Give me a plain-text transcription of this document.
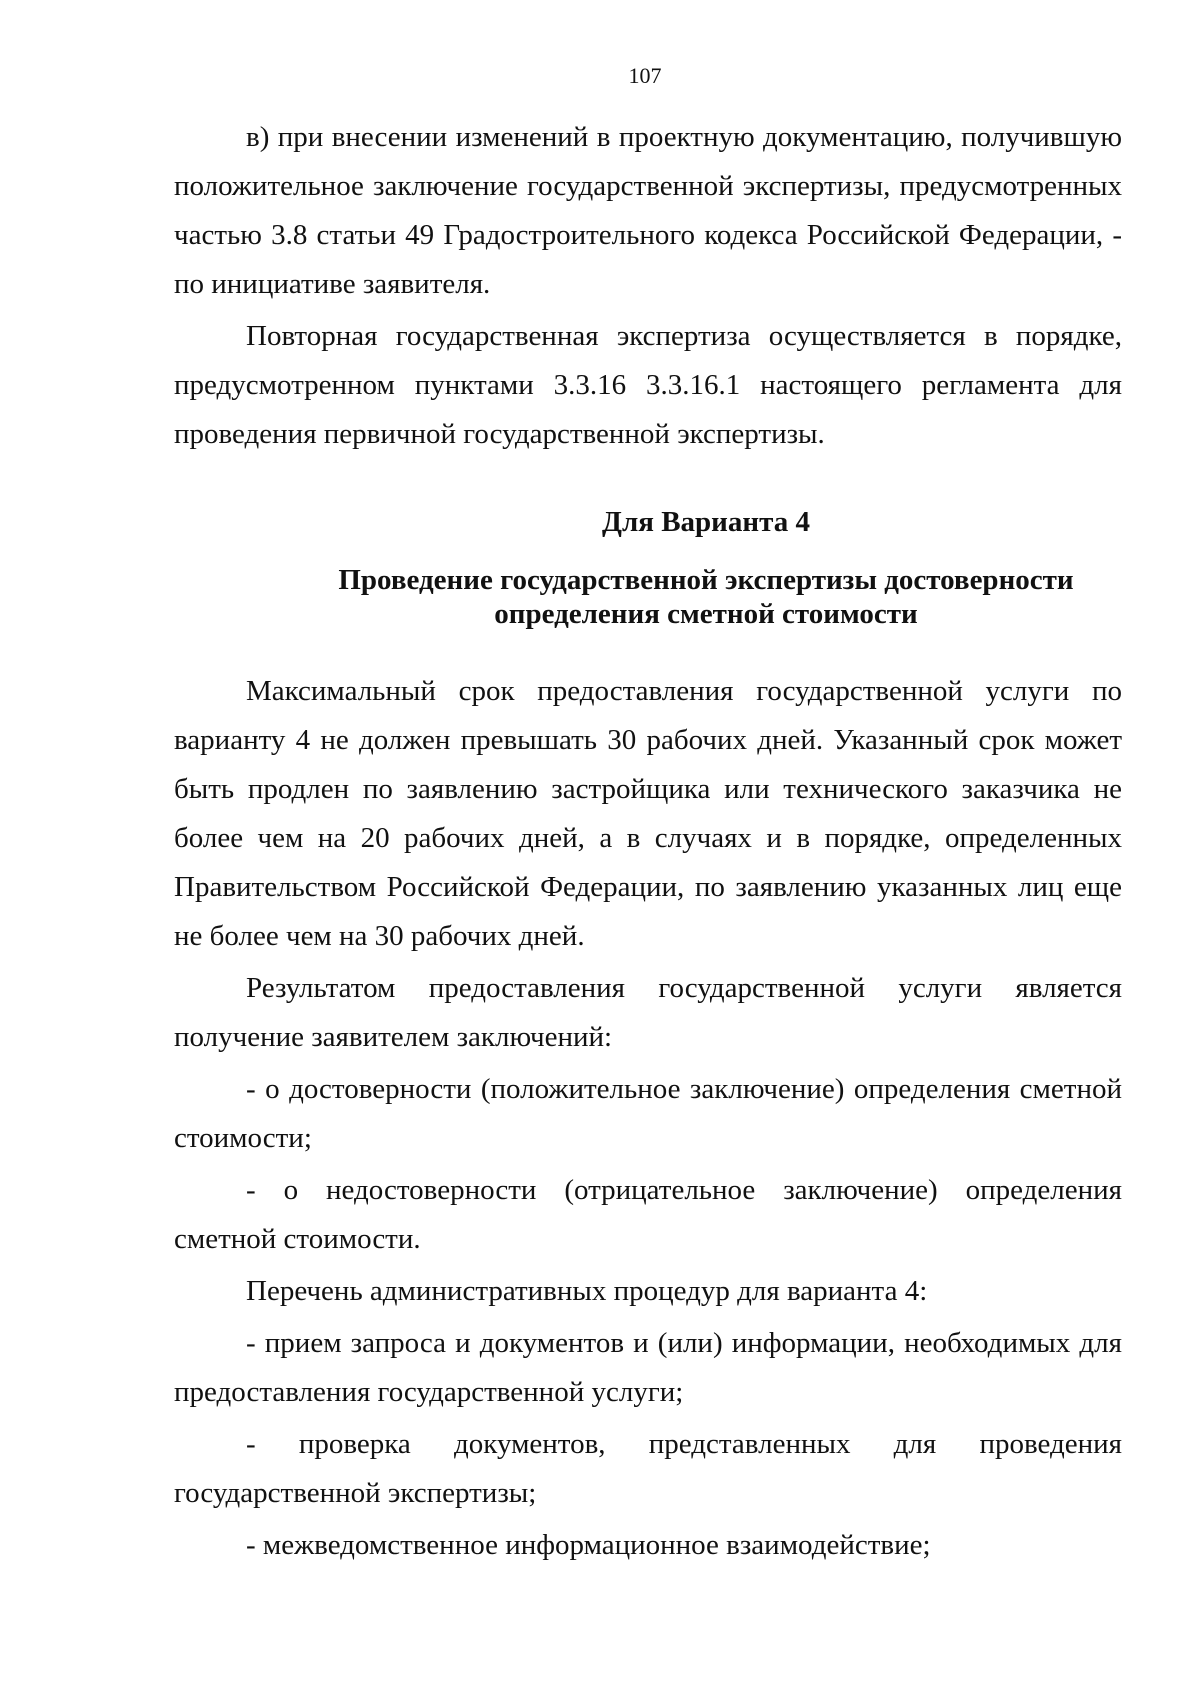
107

в) при внесении изменений в проектную документацию, получившую положительное заключение государственной экспертизы, предусмотренных частью 3.8 статьи 49 Градостроительного кодекса Российской Федерации, - по инициативе заявителя.

Повторная государственная экспертиза осуществляется в порядке, предусмотренном пунктами 3.3.16 3.3.16.1 настоящего регламента для проведения первичной государственной экспертизы.

Для Варианта 4
Проведение государственной экспертизы достоверности
определения сметной стоимости

Максимальный срок предоставления государственной услуги по варианту 4 не должен превышать 30 рабочих дней. Указанный срок может быть продлен по заявлению застройщика или технического заказчика не более чем на 20 рабочих дней, а в случаях и в порядке, определенных Правительством Российской Федерации, по заявлению указанных лиц еще не более чем на 30 рабочих дней.

Результатом предоставления государственной услуги является получение заявителем заключений:

- о достоверности (положительное заключение) определения сметной стоимости;

- о недостоверности (отрицательное заключение) определения сметной стоимости.

Перечень административных процедур для варианта 4:

- прием запроса и документов и (или) информации, необходимых для предоставления государственной услуги;

- проверка документов, представленных для проведения государственной экспертизы;

- межведомственное информационное взаимодействие;
